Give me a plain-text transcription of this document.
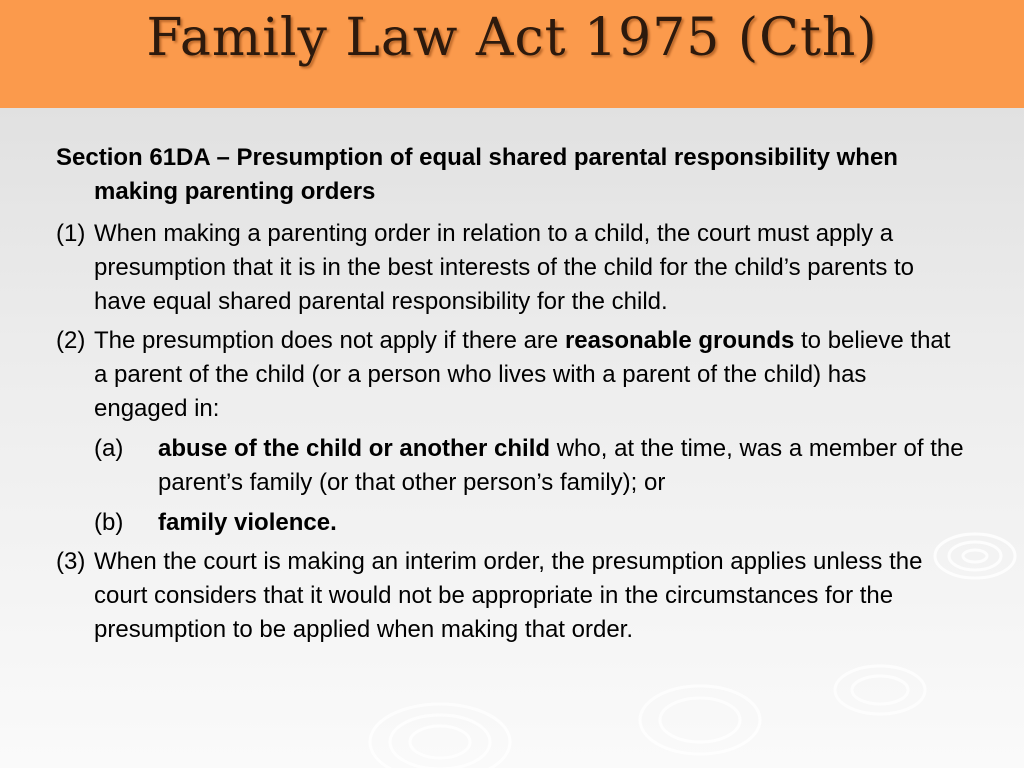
Family Law Act 1975 (Cth)

Section 61DA – Presumption of equal shared parental responsibility when making parenting orders

(1) When making a parenting order in relation to a child, the court must apply a presumption that it is in the best interests of the child for the child’s parents to have equal shared parental responsibility for the child.
(2) The presumption does not apply if there are reasonable grounds to believe that a parent of the child (or a person who lives with a parent of the child) has engaged in:
(a)	abuse of the child or another child who, at the time, was a member of the parent’s family (or that other person’s family); or
(b)	family violence.
(3) When the court is making an interim order, the presumption applies unless the court considers that it would not be appropriate in the circumstances for the presumption to be applied when making that order.
